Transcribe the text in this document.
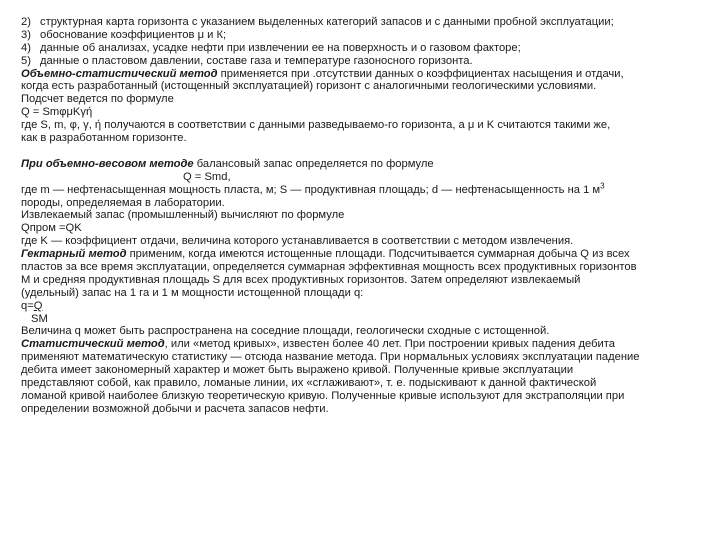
2) структурная карта горизонта с указанием выделенных категорий запасов и с данными пробной эксплуатации;
3) обоснование коэффициентов μ и К;
4) данные об анализах, усадке нефти при извлечении ее на поверхность и о газовом факторе;
5) данные о пластовом давлении, составе газа и температуре газоносного горизонта.
Объемно-статистический метод применяется при .отсутствии данных о коэффициентах насыщения и отдачи,
когда есть разработанный (истощенный эксплуатацией) горизонт с аналогичными геологическими условиями.
Подсчет ведется по формуле
Q = SmφμKγή
где S, m, φ, γ, ή получаются в соответствии с данными разведываемо-го горизонта, а μ и K считаются такими же,
как в разработанном горизонте.
При объемно-весовом методе балансовый запас определяется по формуле
Q = Smd,
где m — нефтенасыщенная мощность пласта, м; S — продуктивная площадь; d — нефтенасыщенность на 1 $м^3$
породы, определяемая в лаборатории.
Извлекаемый запас (промышленный) вычисляют по формуле
Qпром =QK
где K — коэффициент отдачи, величина которого устанавливается в соответствии с методом извлечения.
Гектарный метод применим, когда имеются истощенные площади. Подсчитывается суммарная добыча Q из всех
пластов за все время эксплуатации, определяется суммарная эффективная мощность всех продуктивных горизонтов
M и средняя продуктивная площадь S для всех продуктивных горизонтов. Затем определяют извлекаемый
(удельный) запас на 1 га и 1 м мощности истощенной площади q:
q=Q
SM
Величина q может быть распространена на соседние площади, геологически сходные с истощенной.
Статистический метод, или «метод кривых», известен более 40 лет. При построении кривых падения дебита
применяют математическую статистику — отсюда название метода. При нормальных условиях эксплуатации падение
дебита имеет закономерный характер и может быть выражено кривой. Полученные кривые эксплуатации
представляют собой, как правило, ломаные линии, их «сглаживают», т. е. подыскивают к данной фактической
ломаной кривой наиболее близкую теоретическую кривую. Полученные кривые используют для экстраполяции при
определении возможной добычи и расчета запасов нефти.
